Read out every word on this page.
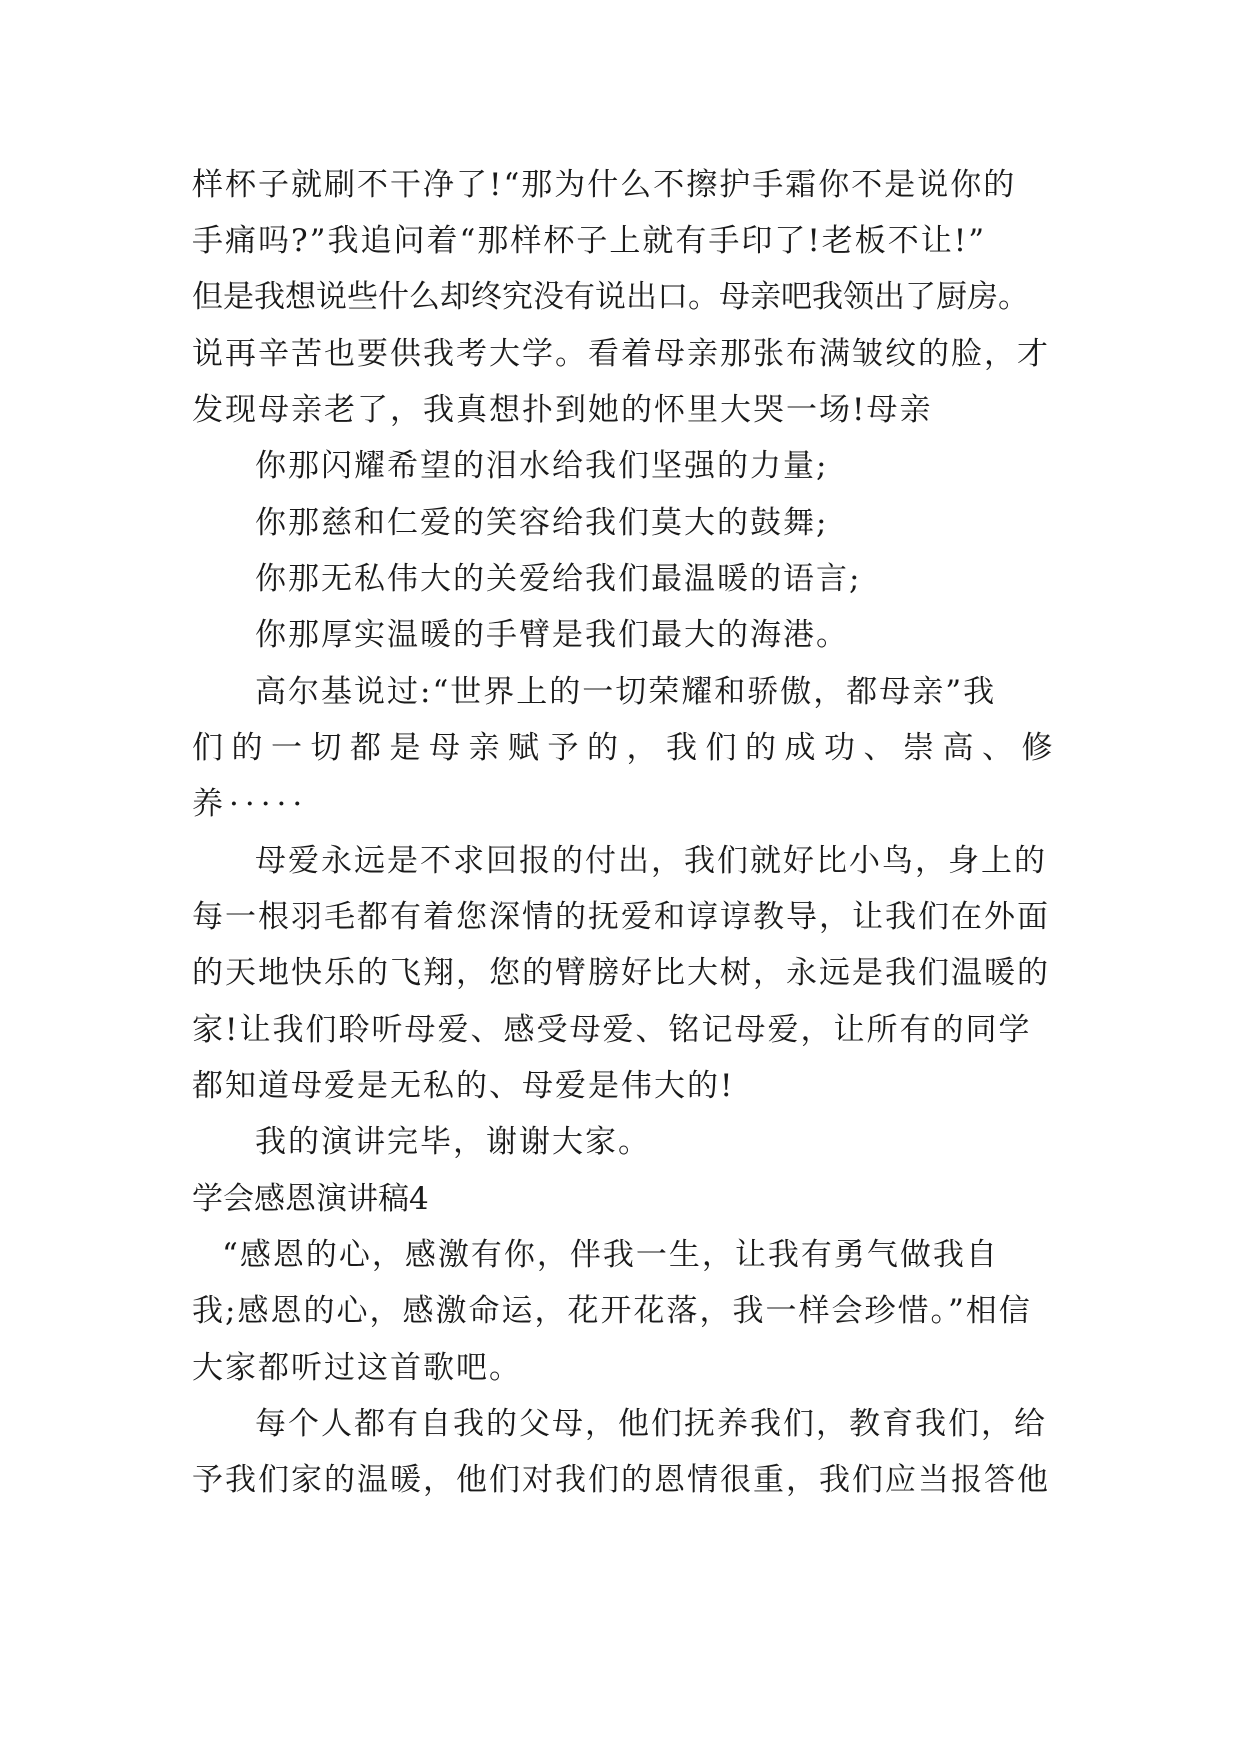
样杯子就刷不干净了!“那为什么不擦护手霜你不是说你的
手痛吗?”我追问着“那样杯子上就有手印了!老板不让!”
但是我想说些什么却终究没有说出口。母亲吧我领出了厨房。
说再辛苦也要供我考大学。看着母亲那张布满皱纹的脸，才
发现母亲老了，我真想扑到她的怀里大哭一场!母亲
你那闪耀希望的泪水给我们坚强的力量;
你那慈和仁爱的笑容给我们莫大的鼓舞;
你那无私伟大的关爱给我们最温暖的语言;
你那厚实温暖的手臂是我们最大的海港。
高尔基说过:“世界上的一切荣耀和骄傲，都母亲”我
们的一切都是母亲赋予的，我们的成功、崇高、修
养·····
母爱永远是不求回报的付出，我们就好比小鸟，身上的
每一根羽毛都有着您深情的抚爱和谆谆教导，让我们在外面
的天地快乐的飞翔，您的臂膀好比大树，永远是我们温暖的
家!让我们聆听母爱、感受母爱、铭记母爱，让所有的同学
都知道母爱是无私的、母爱是伟大的!
我的演讲完毕，谢谢大家。
学会感恩演讲稿4
“感恩的心，感激有你，伴我一生，让我有勇气做我自
我;感恩的心，感激命运，花开花落，我一样会珍惜。”相信
大家都听过这首歌吧。
每个人都有自我的父母，他们抚养我们，教育我们，给
予我们家的温暖，他们对我们的恩情很重，我们应当报答他
